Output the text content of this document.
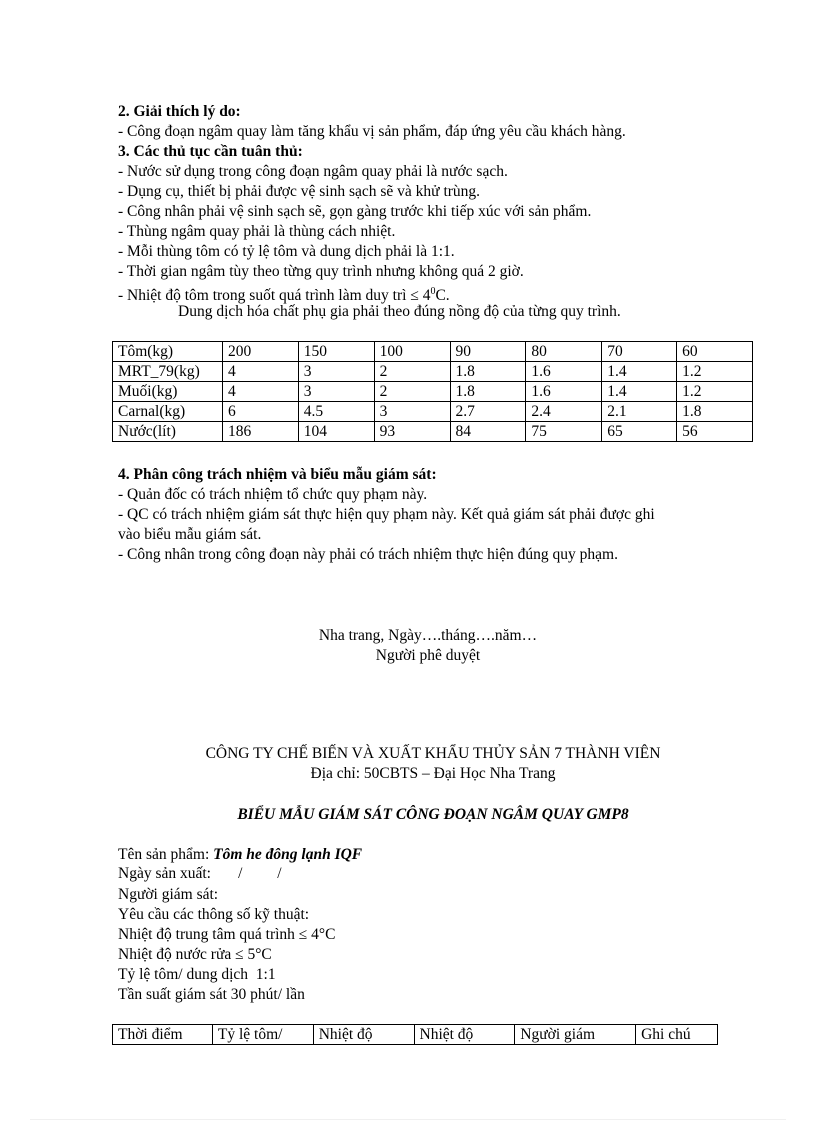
2. Giải thích lý do:
- Công đoạn ngâm quay làm tăng khẩu vị sản phẩm, đáp ứng yêu cầu khách hàng.
3. Các thủ tục cần tuân thủ:
- Nước sử dụng trong công đoạn ngâm quay phải là nước sạch.
- Dụng cụ, thiết bị phải được vệ sinh sạch sẽ và khử trùng.
- Công nhân phải vệ sinh sạch sẽ, gọn gàng trước khi tiếp xúc với sản phẩm.
- Thùng ngâm quay phải là thùng cách nhiệt.
- Mỗi thùng tôm có tỷ lệ tôm và dung dịch phải là 1:1.
- Thời gian ngâm tùy theo từng quy trình nhưng không quá 2 giờ.
- Nhiệt độ tôm trong suốt quá trình làm duy trì ≤ $4^0C$.
Dung dịch hóa chất phụ gia phải theo đúng nồng độ của từng quy trình.
Tôm(kg)	200	150	100	90	80	70	60
MRT_79(kg)	4	3	2	1.8	1.6	1.4	1.2
Muối(kg)	4	3	2	1.8	1.6	1.4	1.2
Carnal(kg)	6	4.5	3	2.7	2.4	2.1	1.8
Nước(lít)	186	104	93	84	75	65	56
4. Phân công trách nhiệm và biểu mẫu giám sát:
- Quản đốc có trách nhiệm tổ chức quy phạm này.
- QC có trách nhiệm giám sát thực hiện quy phạm này. Kết quả giám sát phải được ghi
vào biểu mẫu giám sát.
- Công nhân trong công đoạn này phải có trách nhiệm thực hiện đúng quy phạm.
Nha trang, Ngày….tháng….năm…
Người phê duyệt
CÔNG TY CHẾ BIẾN VÀ XUẤT KHẨU THỦY SẢN 7 THÀNH VIÊN
Địa chỉ: 50CBTS – Đại Học Nha Trang
BIỂU MẪU GIÁM SÁT CÔNG ĐOẠN NGÂM QUAY GMP8
Tên sản phẩm: Tôm he đông lạnh IQF
Ngày sản xuất:       /         /
Người giám sát:
Yêu cầu các thông số kỹ thuật:
Nhiệt độ trung tâm quá trình ≤ 4°C
Nhiệt độ nước rửa ≤ 5°C
Tỷ lệ tôm/ dung dịch  1:1
Tần suất giám sát 30 phút/ lần
Thời điểm	Tỷ lệ tôm/	Nhiệt độ	Nhiệt độ	Người giám	Ghi chú
